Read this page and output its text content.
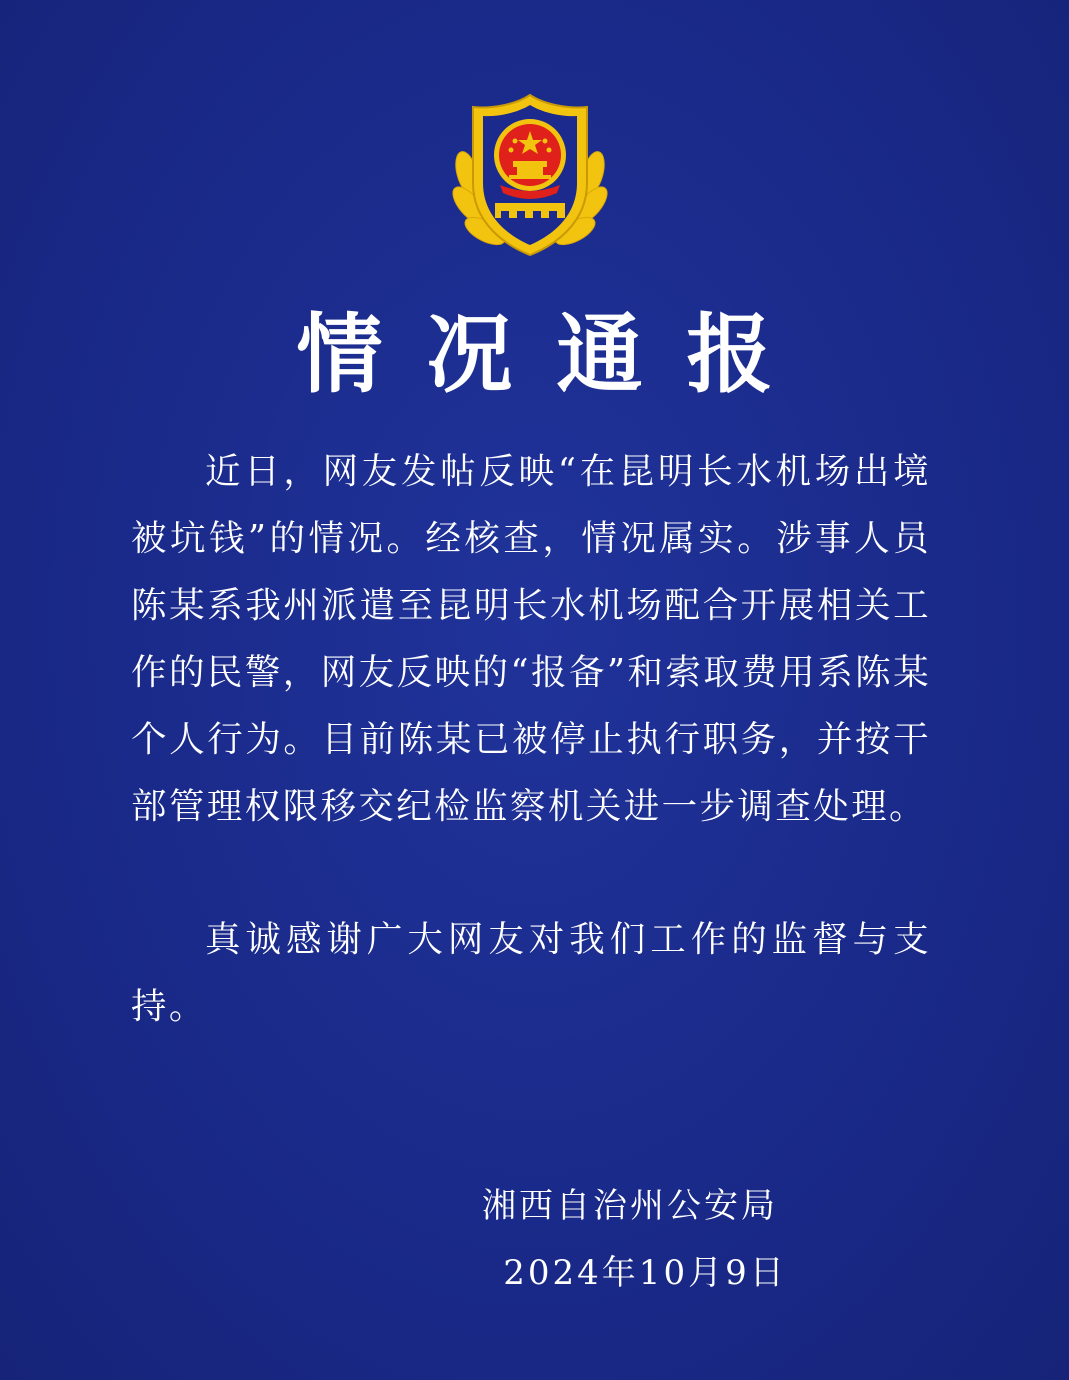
情况通报

近日，网友发帖反映“在昆明长水机场出境被坑钱”的情况。经核查，情况属实。涉事人员陈某系我州派遣至昆明长水机场配合开展相关工作的民警，网友反映的“报备”和索取费用系陈某个人行为。目前陈某已被停止执行职务，并按干部管理权限移交纪检监察机关进一步调查处理。

真诚感谢广大网友对我们工作的监督与支持。

湘西自治州公安局
2024年10月9日
